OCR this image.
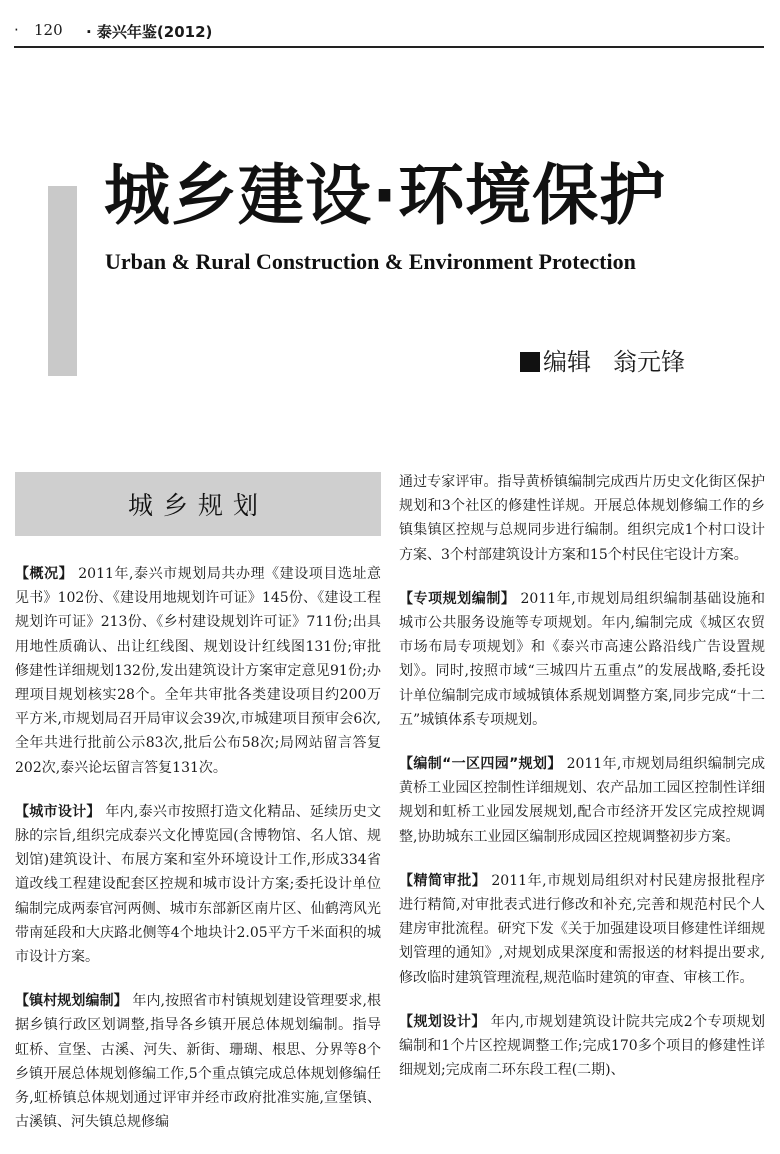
· 120 · 泰兴年鉴(2012)
城乡建设·环境保护
Urban & Rural Construction & Environment Protection
编辑 翁元锋
城乡规划

【概况】 2011年,泰兴市规划局共办理《建设项目选址意见书》102份、《建设用地规划许可证》145份、《建设工程规划许可证》213份、《乡村建设规划许可证》711份;出具用地性质确认、出让红线图、规划设计红线图131份;审批修建性详细规划132份,发出建筑设计方案审定意见91份;办理项目规划核实28个。全年共审批各类建设项目约200万平方米,市规划局召开局审议会39次,市城建项目预审会6次,全年共进行批前公示83次,批后公布58次;局网站留言答复202次,泰兴论坛留言答复131次。

【城市设计】 年内,泰兴市按照打造文化精品、延续历史文脉的宗旨,组织完成泰兴文化博览园(含博物馆、名人馆、规划馆)建筑设计、布展方案和室外环境设计工作,形成334省道改线工程建设配套区控规和城市设计方案;委托设计单位编制完成两泰官河两侧、城市东部新区南片区、仙鹤湾风光带南延段和大庆路北侧等4个地块计2.05平方千米面积的城市设计方案。

【镇村规划编制】 年内,按照省市村镇规划建设管理要求,根据乡镇行政区划调整,指导各乡镇开展总体规划编制。指导虹桥、宣堡、古溪、河失、新街、珊瑚、根思、分界等8个乡镇开展总体规划修编工作,5个重点镇完成总体规划修编任务,虹桥镇总体规划通过评审并经市政府批准实施,宣堡镇、古溪镇、河失镇总规修编

通过专家评审。指导黄桥镇编制完成西片历史文化街区保护规划和3个社区的修建性详规。开展总体规划修编工作的乡镇集镇区控规与总规同步进行编制。组织完成1个村口设计方案、3个村部建筑设计方案和15个村民住宅设计方案。

【专项规划编制】 2011年,市规划局组织编制基础设施和城市公共服务设施等专项规划。年内,编制完成《城区农贸市场布局专项规划》和《泰兴市高速公路沿线广告设置规划》。同时,按照市域“三城四片五重点”的发展战略,委托设计单位编制完成市域城镇体系规划调整方案,同步完成“十二五”城镇体系专项规划。

【编制“一区四园”规划】 2011年,市规划局组织编制完成黄桥工业园区控制性详细规划、农产品加工园区控制性详细规划和虹桥工业园发展规划,配合市经济开发区完成控规调整,协助城东工业园区编制形成园区控规调整初步方案。

【精简审批】 2011年,市规划局组织对村民建房报批程序进行精简,对审批表式进行修改和补充,完善和规范村民个人建房审批流程。研究下发《关于加强建设项目修建性详细规划管理的通知》,对规划成果深度和需报送的材料提出要求,修改临时建筑管理流程,规范临时建筑的审查、审核工作。

【规划设计】 年内,市规划建筑设计院共完成2个专项规划编制和1个片区控规调整工作;完成170多个项目的修建性详细规划;完成南二环东段工程(二期)、
